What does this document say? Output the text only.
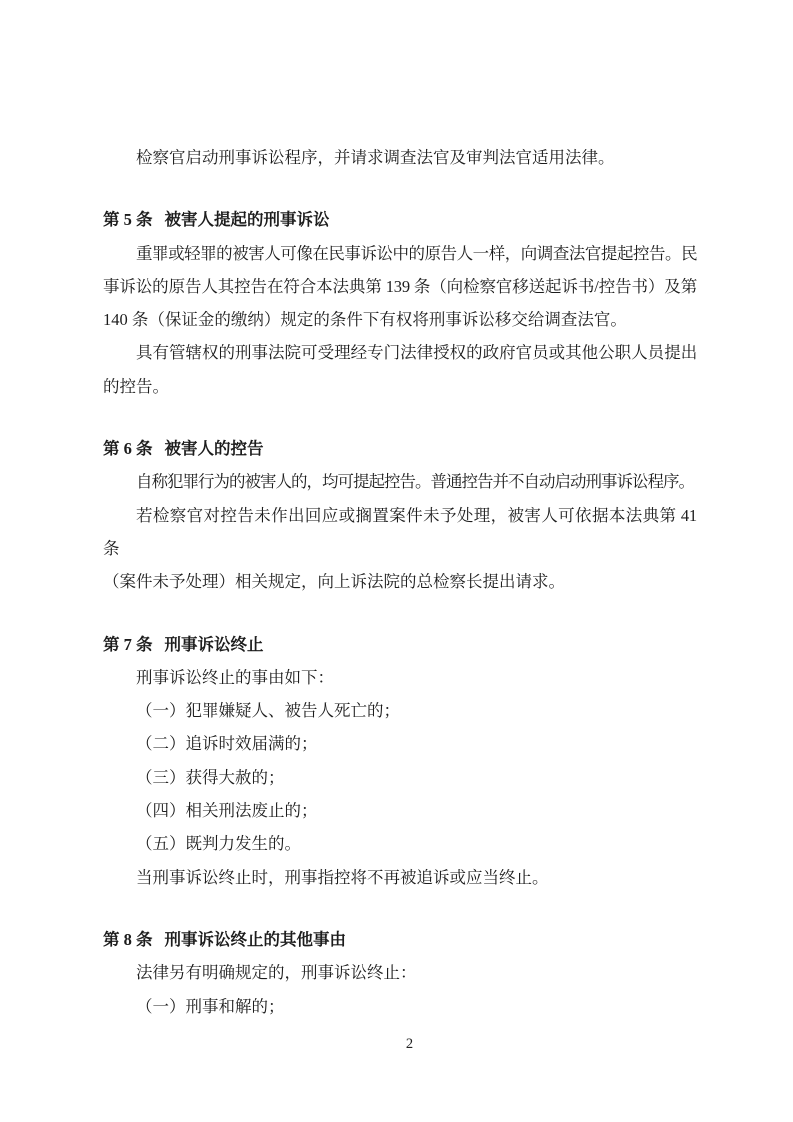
检察官启动刑事诉讼程序，并请求调查法官及审判法官适用法律。
第 5 条 被害人提起的刑事诉讼
重罪或轻罪的被害人可像在民事诉讼中的原告人一样，向调查法官提起控告。民
事诉讼的原告人其控告在符合本法典第 139 条（向检察官移送起诉书/控告书）及第
140 条（保证金的缴纳）规定的条件下有权将刑事诉讼移交给调查法官。
具有管辖权的刑事法院可受理经专门法律授权的政府官员或其他公职人员提出
的控告。
第 6 条 被害人的控告
自称犯罪行为的被害人的，均可提起控告。普通控告并不自动启动刑事诉讼程序。
若检察官对控告未作出回应或搁置案件未予处理，被害人可依据本法典第 41 条
（案件未予处理）相关规定，向上诉法院的总检察长提出请求。
第 7 条 刑事诉讼终止
刑事诉讼终止的事由如下：
（一）犯罪嫌疑人、被告人死亡的；
（二）追诉时效届满的；
（三）获得大赦的；
（四）相关刑法废止的；
（五）既判力发生的。
当刑事诉讼终止时，刑事指控将不再被追诉或应当终止。
第 8 条 刑事诉讼终止的其他事由
法律另有明确规定的，刑事诉讼终止：
（一）刑事和解的；
2
